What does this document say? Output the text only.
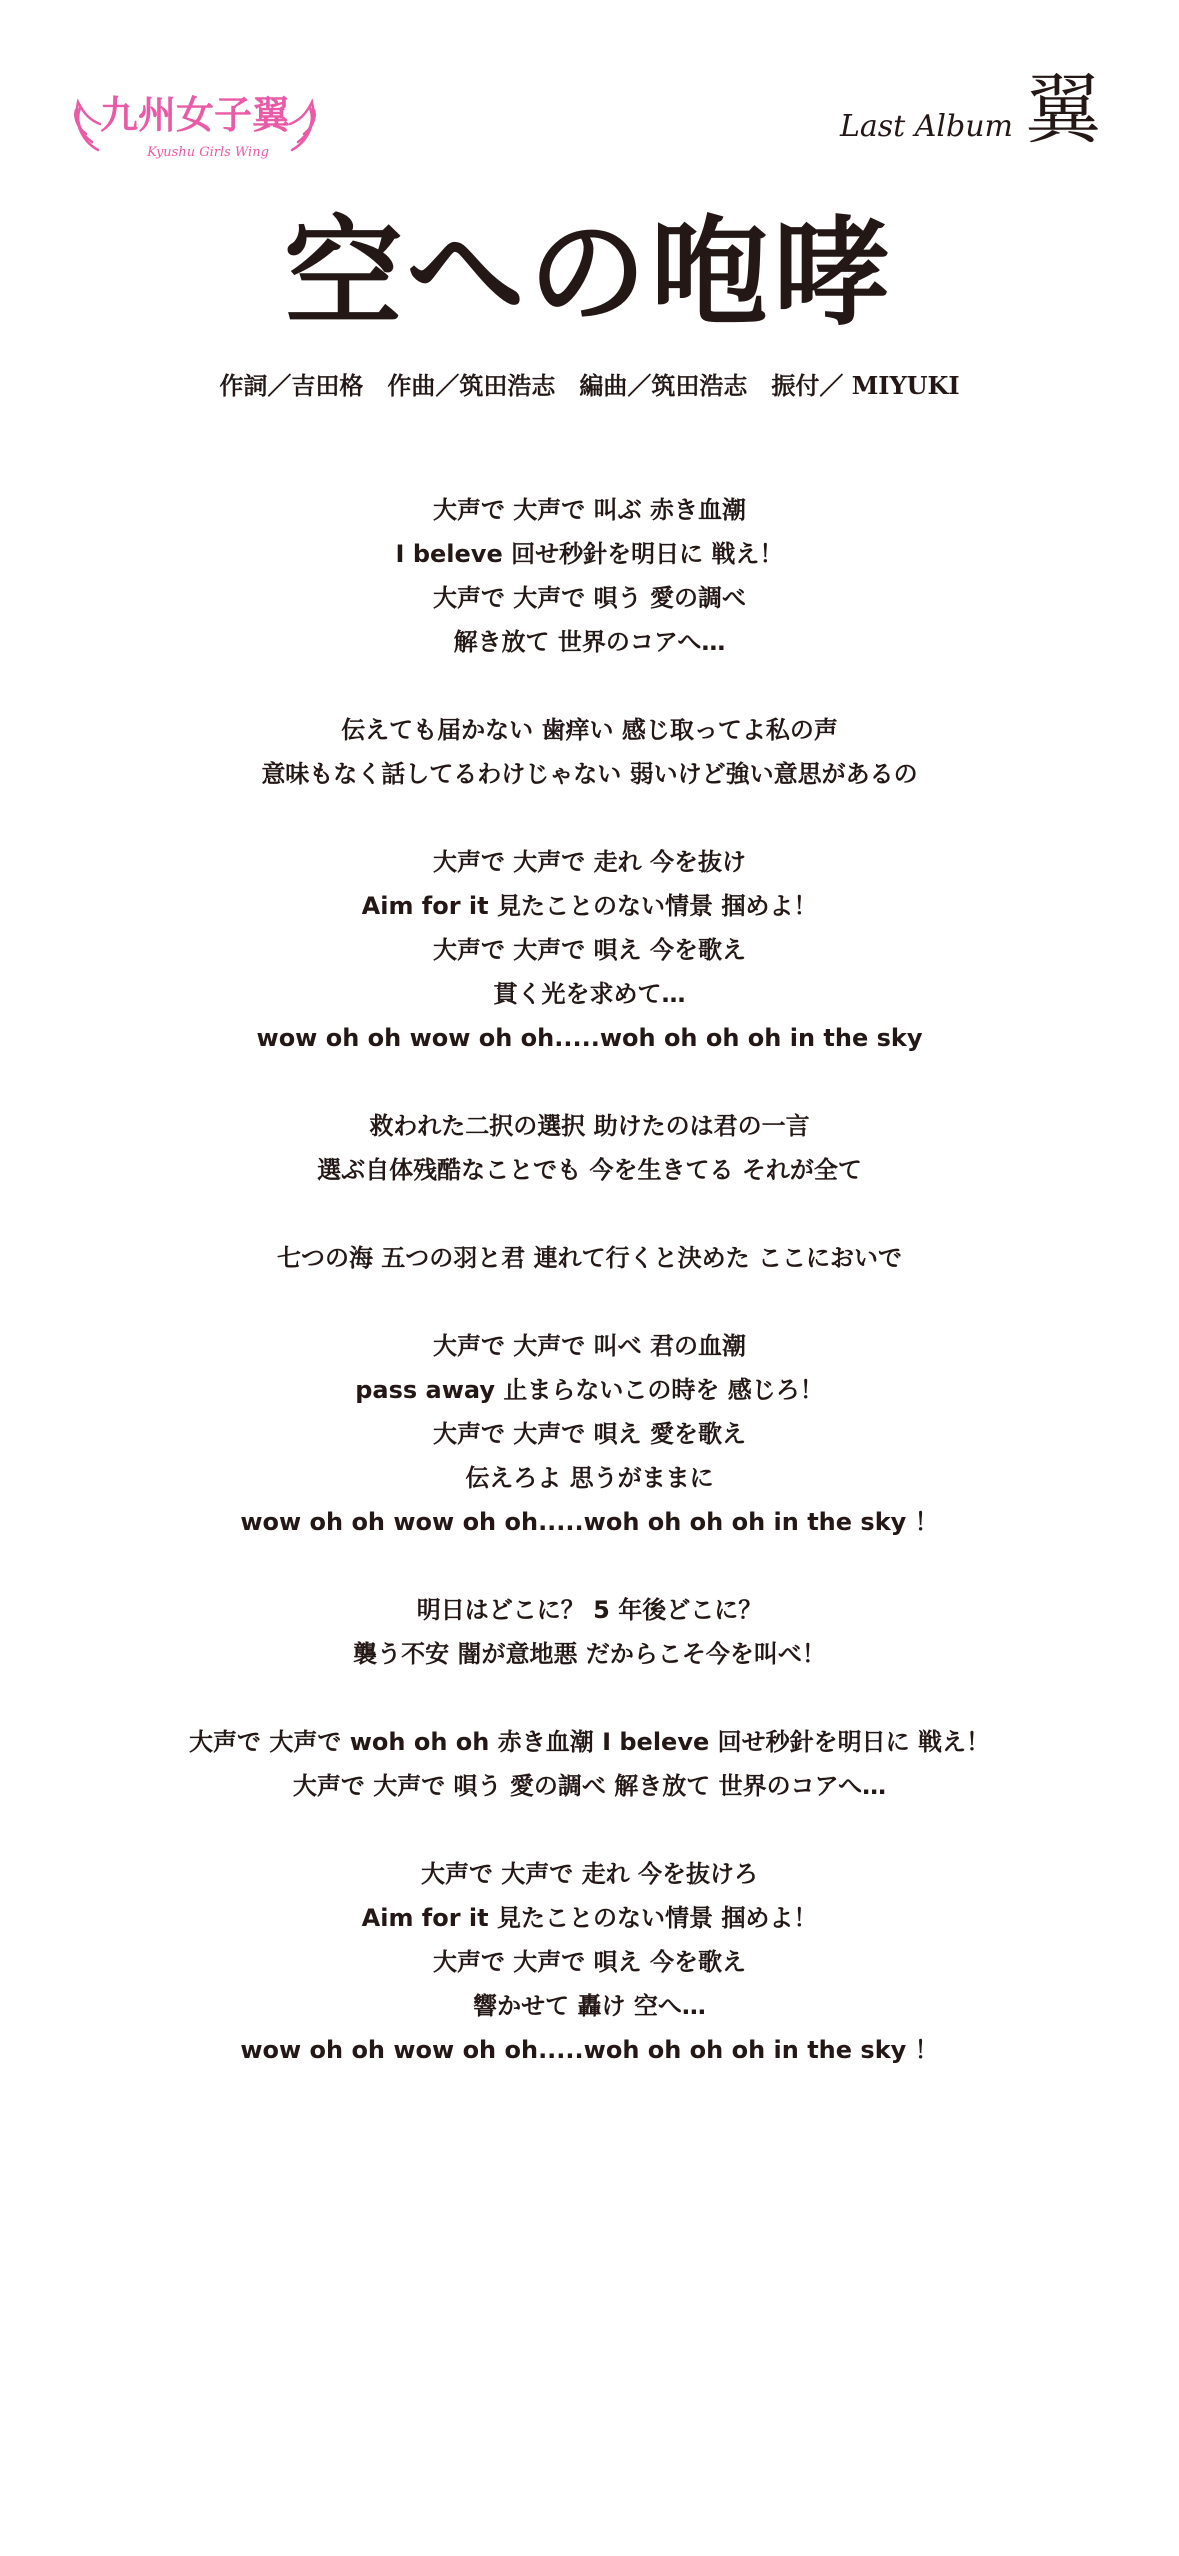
九州女子翼
Kyushu Girls Wing
Last Album 翼
空への咆哮
作詞／吉田格　作曲／筑田浩志　編曲／筑田浩志　振付／ MIYUKI
大声で 大声で 叫ぶ 赤き血潮
I beleve 回せ秒針を明日に 戦え！
大声で 大声で 唄う 愛の調べ
解き放て 世界のコアへ…
伝えても届かない 歯痒い 感じ取ってよ私の声
意味もなく話してるわけじゃない 弱いけど強い意思があるの
大声で 大声で 走れ 今を抜け
Aim for it 見たことのない情景 掴めよ！
大声で 大声で 唄え 今を歌え
貫く光を求めて…
wow oh oh wow oh oh.....woh oh oh oh in the sky
救われた二択の選択 助けたのは君の一言
選ぶ自体残酷なことでも 今を生きてる それが全て
七つの海 五つの羽と君 連れて行くと決めた ここにおいで
大声で 大声で 叫べ 君の血潮
pass away 止まらないこの時を 感じろ！
大声で 大声で 唄え 愛を歌え
伝えろよ 思うがままに
wow oh oh wow oh oh.....woh oh oh oh in the sky ！
明日はどこに？ 5 年後どこに？
襲う不安 闇が意地悪 だからこそ今を叫べ！
大声で 大声で woh oh oh 赤き血潮 I beleve 回せ秒針を明日に 戦え！
大声で 大声で 唄う 愛の調べ 解き放て 世界のコアへ…
大声で 大声で 走れ 今を抜けろ
Aim for it 見たことのない情景 掴めよ！
大声で 大声で 唄え 今を歌え
響かせて 轟け 空へ…
wow oh oh wow oh oh.....woh oh oh oh in the sky ！
